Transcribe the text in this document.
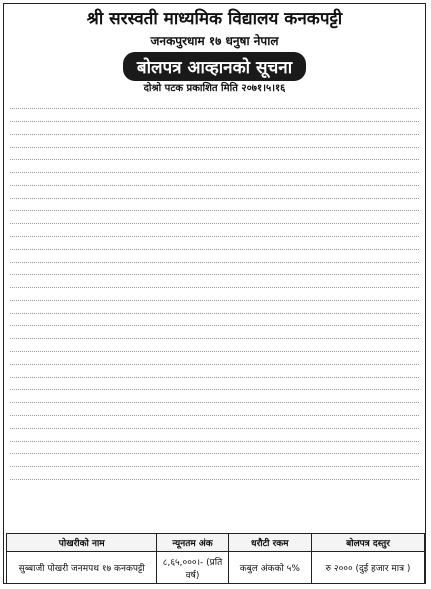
श्री सरस्वती माध्यमिक विद्यालय कनकपट्टी
जनकपुरधाम १७ धनुषा नेपाल
बोलपत्र आव्हानको सूचना
दोश्रो पटक प्रकाशित मिति २०७१।५।१६
पोखरीको नाम	न्यूनतम अंक	धरौटी रकम	बोलपत्र दस्तुर
सुब्बाजी पोखरी जनमपथ १७ कनकपट्टी	८,६५,०००।- (प्रति वर्ष)	कबुल अंकको ५%	रु २००० (दुई हजार मात्र )
